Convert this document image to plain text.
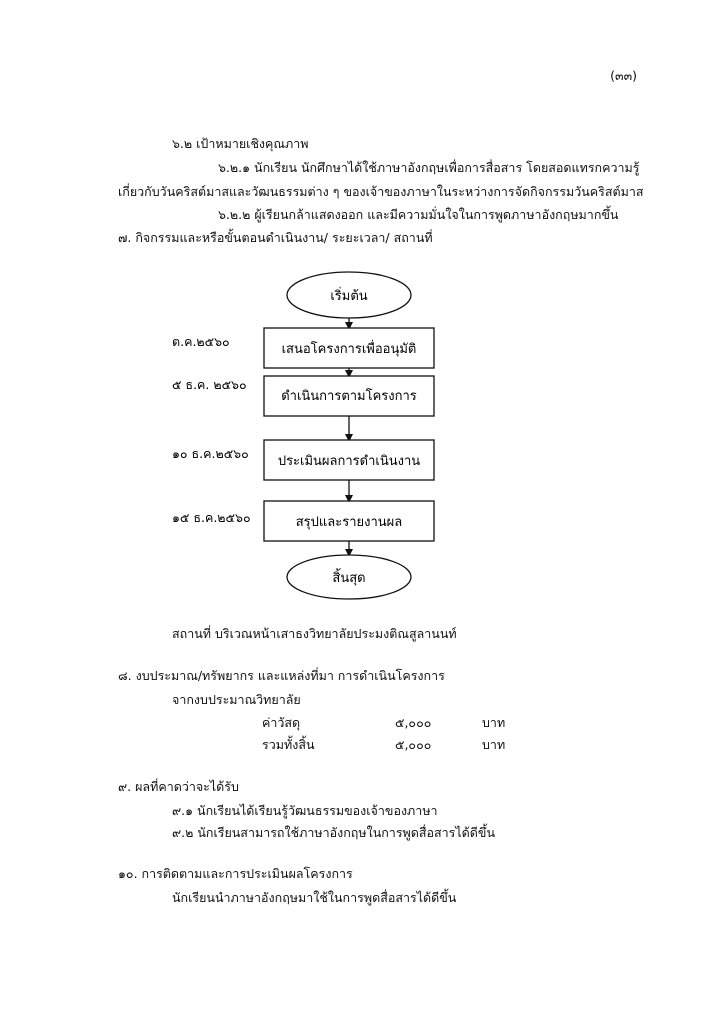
(๓๓)
๖.๒ เป้าหมายเชิงคุณภาพ
๖.๒.๑ นักเรียน นักศึกษาได้ใช้ภาษาอังกฤษเพื่อการสื่อสาร โดยสอดแทรกความรู้
เกี่ยวกับวันคริสต์มาสและวัฒนธรรมต่าง ๆ ของเจ้าของภาษาในระหว่างการจัดกิจกรรมวันคริสต์มาส
๖.๒.๒ ผู้เรียนกล้าแสดงออก และมีความมั่นใจในการพูดภาษาอังกฤษมากขึ้น
๗. กิจกรรมและหรือขั้นตอนดำเนินงาน/ ระยะเวลา/ สถานที่
เริ่มต้น
ต.ค.๒๕๖๐
เสนอโครงการเพื่ออนุมัติ
๕ ธ.ค. ๒๕๖๐
ดำเนินการตามโครงการ
๑๐ ธ.ค.๒๕๖๐
ประเมินผลการดำเนินงาน
๑๕ ธ.ค.๒๕๖๐	สรุปและรายงานผล
สิ้นสุด
สถานที่ บริเวณหน้าเสาธงวิทยาลัยประมงติณสูลานนท์
๘. งบประมาณ/ทรัพยากร และแหล่งที่มา การดำเนินโครงการ
จากงบประมาณวิทยาลัย
ค่าวัสดุ	๕,๐๐๐	บาท
รวมทั้งสิ้น	๕,๐๐๐	บาท
๙. ผลที่คาดว่าจะได้รับ
๙.๑ นักเรียนได้เรียนรู้วัฒนธรรมของเจ้าของภาษา
๙.๒ นักเรียนสามารถใช้ภาษาอังกฤษในการพูดสื่อสารได้ดีขึ้น
๑๐. การติดตามและการประเมินผลโครงการ
นักเรียนนำภาษาอังกฤษมาใช้ในการพูดสื่อสารได้ดีขึ้น
